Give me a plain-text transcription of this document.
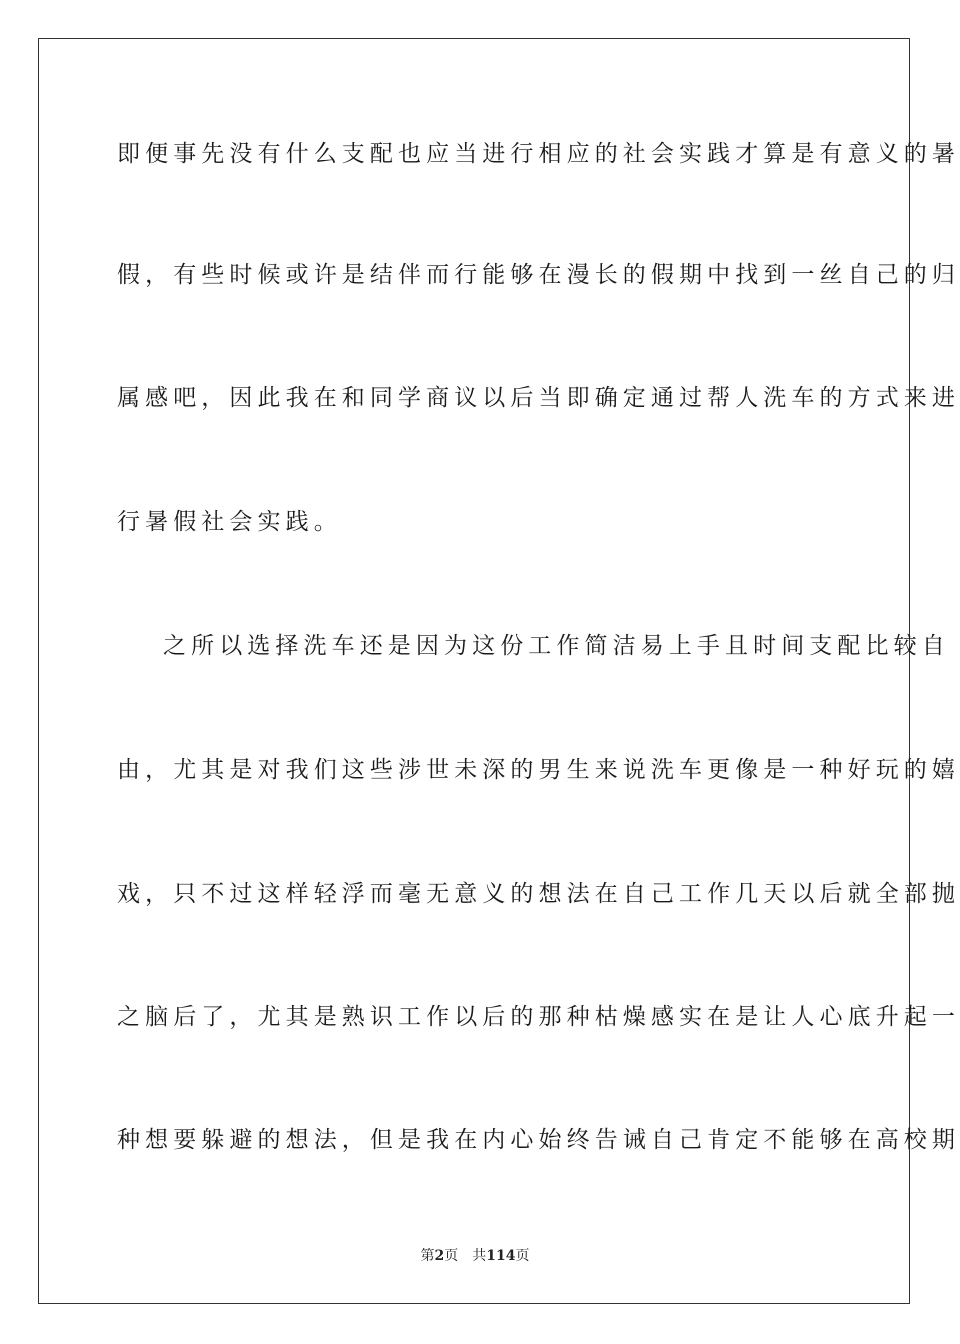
即便事先没有什么支配也应当进行相应的社会实践才算是有意义的暑
假，有些时候或许是结伴而行能够在漫长的假期中找到一丝自己的归
属感吧，因此我在和同学商议以后当即确定通过帮人洗车的方式来进
行暑假社会实践。
之所以选择洗车还是因为这份工作简洁易上手且时间支配比较自
由，尤其是对我们这些涉世未深的男生来说洗车更像是一种好玩的嬉
戏，只不过这样轻浮而毫无意义的想法在自己工作几天以后就全部抛
之脑后了，尤其是熟识工作以后的那种枯燥感实在是让人心底升起一
种想要躲避的想法，但是我在内心始终告诫自己肯定不能够在高校期
第2页 共114页
